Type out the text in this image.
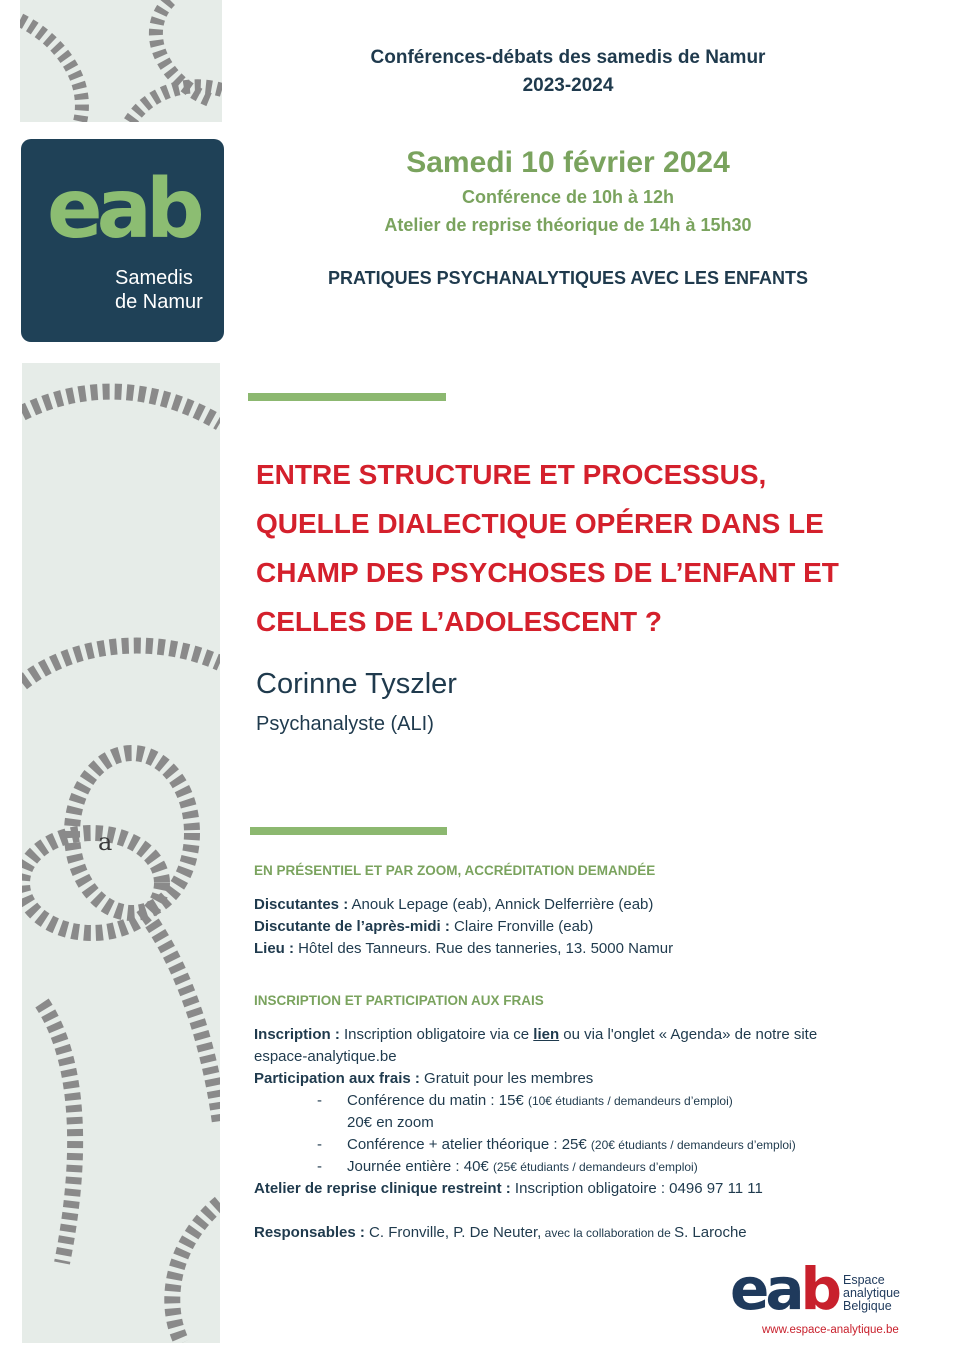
a
eab
Samedis
de Namur
Conférences-débats des samedis de Namur
2023-2024
Samedi 10 février 2024
Conférence de 10h à 12h
Atelier de reprise théorique de 14h à 15h30
PRATIQUES PSYCHANALYTIQUES AVEC LES ENFANTS
ENTRE STRUCTURE ET PROCESSUS,
QUELLE DIALECTIQUE OPÉRER DANS LE
CHAMP DES PSYCHOSES DE L’ENFANT ET
CELLES DE L’ADOLESCENT ?
Corinne Tyszler
Psychanalyste (ALI)
EN PRÉSENTIEL ET PAR ZOOM, ACCRÉDITATION DEMANDÉE
Discutantes : Anouk Lepage (eab), Annick Delferrière (eab)
Discutante de l’après-midi : Claire Fronville (eab)
Lieu : Hôtel des Tanneurs. Rue des tanneries, 13. 5000 Namur
INSCRIPTION ET PARTICIPATION AUX FRAIS
Inscription : Inscription obligatoire via ce lien ou via l'onglet « Agenda» de notre site
espace-analytique.be
Participation aux frais : Gratuit pour les membres
- Conférence du matin : 15€ (10€ étudiants / demandeurs d’emploi)
20€ en zoom
- Conférence + atelier théorique : 25€ (20€ étudiants / demandeurs d’emploi)
- Journée entière : 40€ (25€ étudiants / demandeurs d’emploi)
Atelier de reprise clinique restreint : Inscription obligatoire : 0496 97 11 11
Responsables : C. Fronville, P. De Neuter, avec la collaboration de S. Laroche
eab Espace
analytique
Belgique
www.espace-analytique.be
